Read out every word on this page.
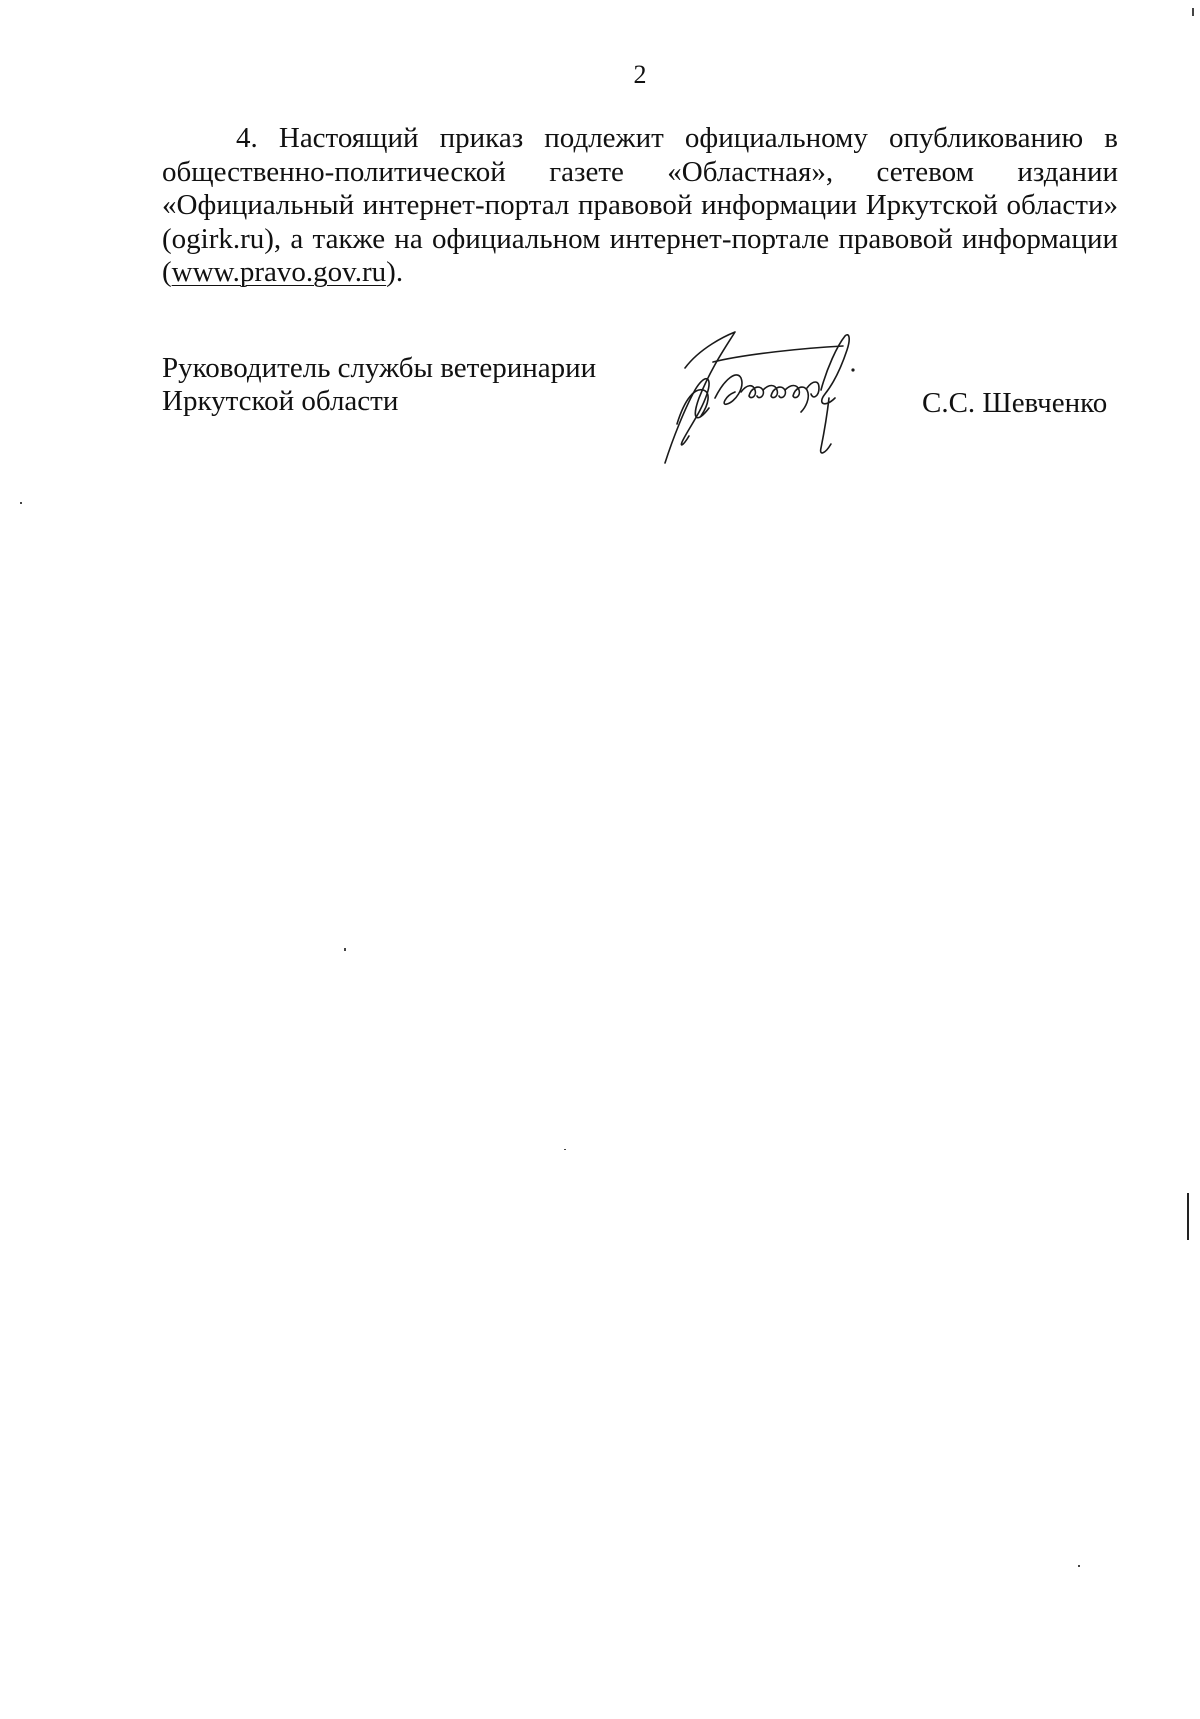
2
4. Настоящий приказ подлежит официальному опубликованию в
общественно-политической газете «Областная», сетевом издании
«Официальный интернет-портал правовой информации Иркутской области»
(ogirk.ru), а также на официальном интернет-портале правовой информации
(www.pravo.gov.ru).
Руководитель службы ветеринарии
Иркутской области	С.С. Шевченко
